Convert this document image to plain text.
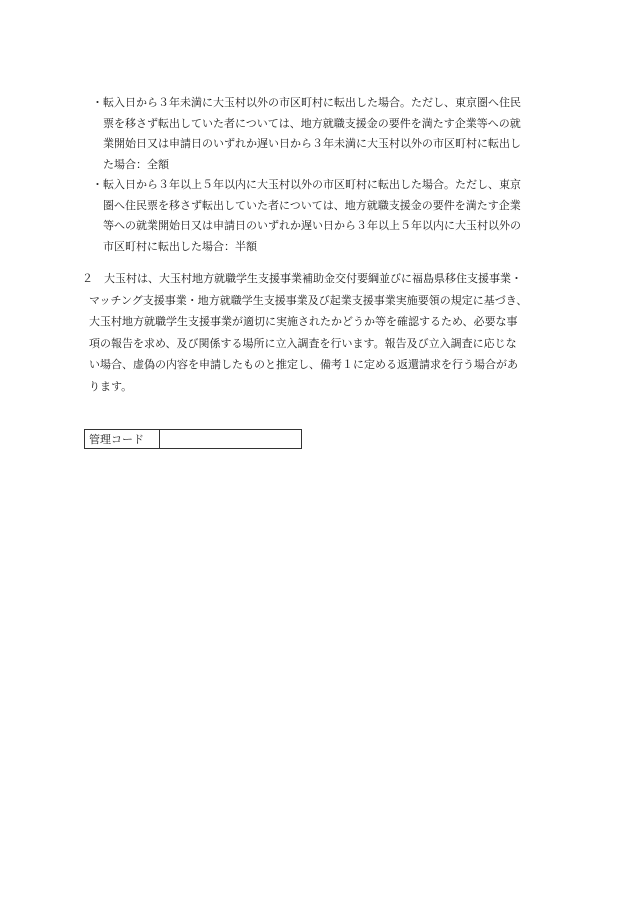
・転入日から３年未満に大玉村以外の市区町村に転出した場合。ただし、東京圏へ住民
票を移さず転出していた者については、地方就職支援金の要件を満たす企業等への就
業開始日又は申請日のいずれか遅い日から３年未満に大玉村以外の市区町村に転出し
た場合：全額
・転入日から３年以上５年以内に大玉村以外の市区町村に転出した場合。ただし、東京
圏へ住民票を移さず転出していた者については、地方就職支援金の要件を満たす企業
等への就業開始日又は申請日のいずれか遅い日から３年以上５年以内に大玉村以外の
市区町村に転出した場合：半額
２　大玉村は、大玉村地方就職学生支援事業補助金交付要綱並びに福島県移住支援事業・
マッチング支援事業・地方就職学生支援事業及び起業支援事業実施要領の規定に基づき、
大玉村地方就職学生支援事業が適切に実施されたかどうか等を確認するため、必要な事
項の報告を求め、及び関係する場所に立入調査を行います。報告及び立入調査に応じな
い場合、虚偽の内容を申請したものと推定し、備考１に定める返還請求を行う場合があ
ります。
管理コード	
